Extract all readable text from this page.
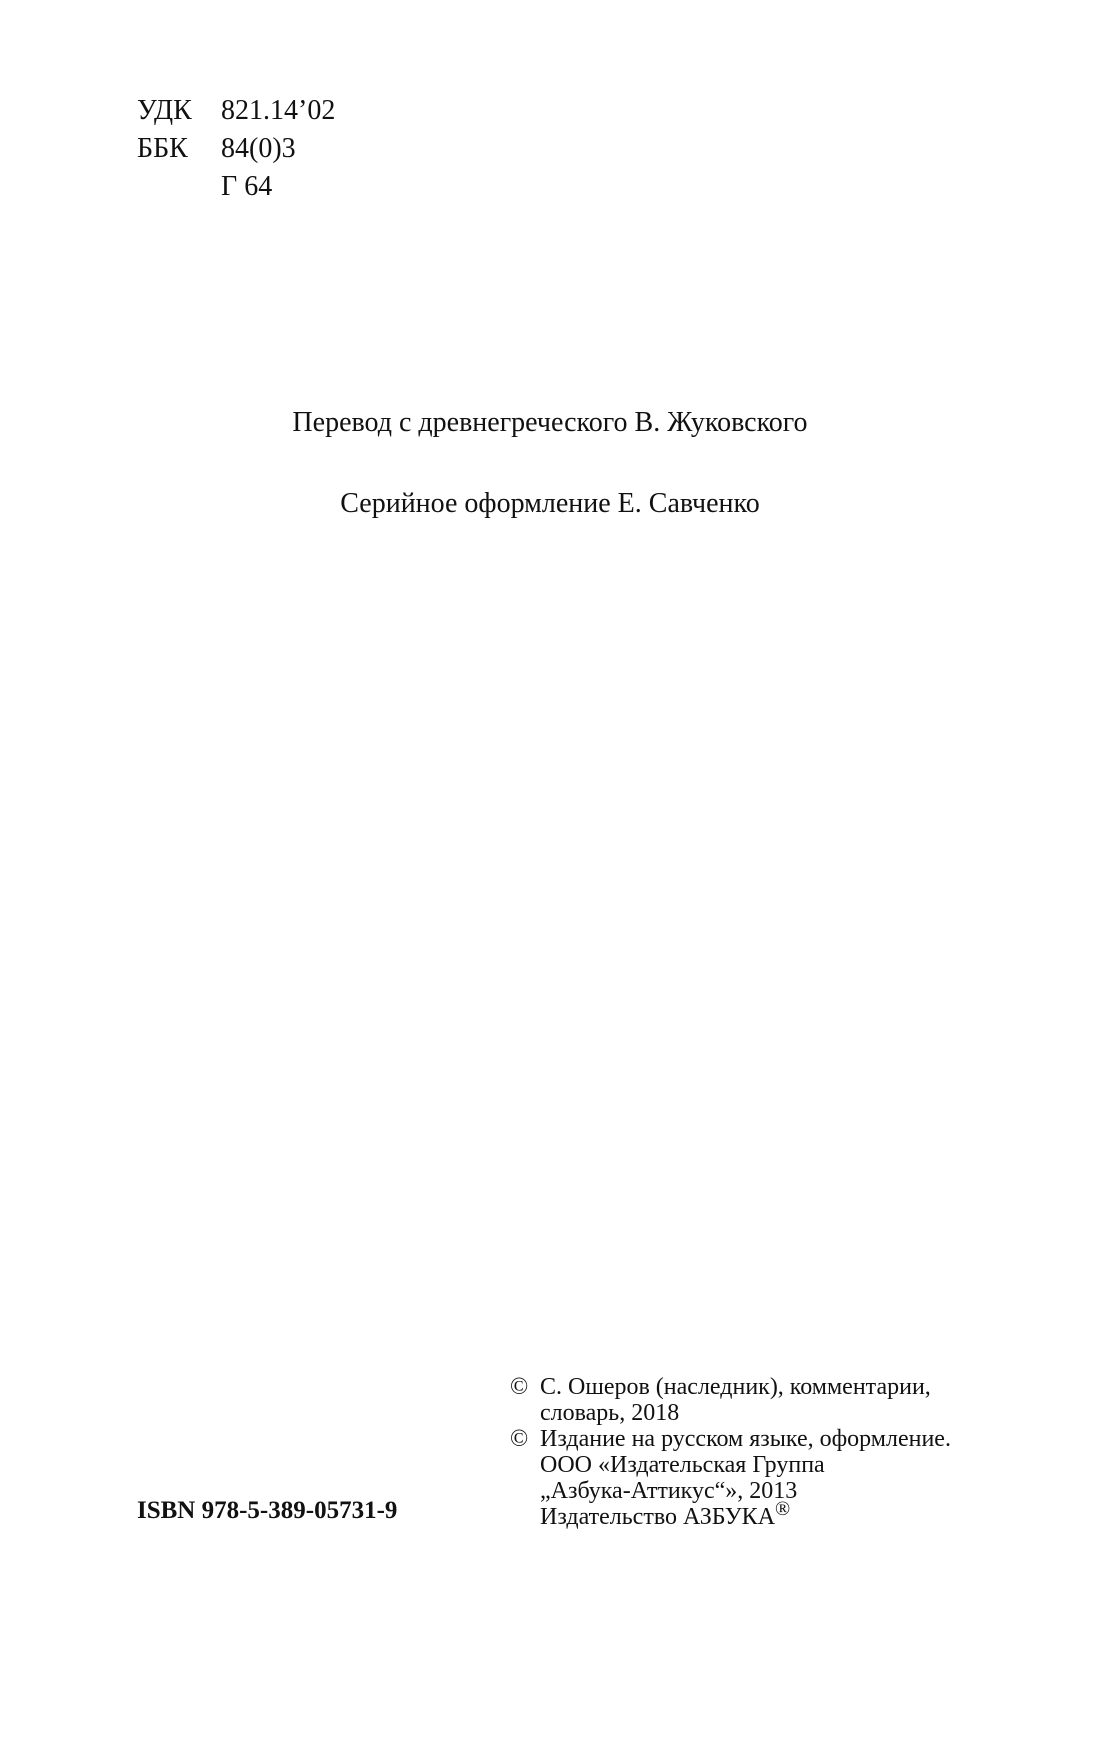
УДК	821.14’02
ББК	84(0)3
Г 64
Перевод с древнегреческого В. Жуковского
Серийное оформление Е. Савченко
© С. Ошеров (наследник), комментарии,
словарь, 2018
© Издание на русском языке, оформление.
ООО «Издательская Группа
„Азбука-Аттикус“», 2013
Издательство АЗБУКА®
ISBN 978-5-389-05731-9
